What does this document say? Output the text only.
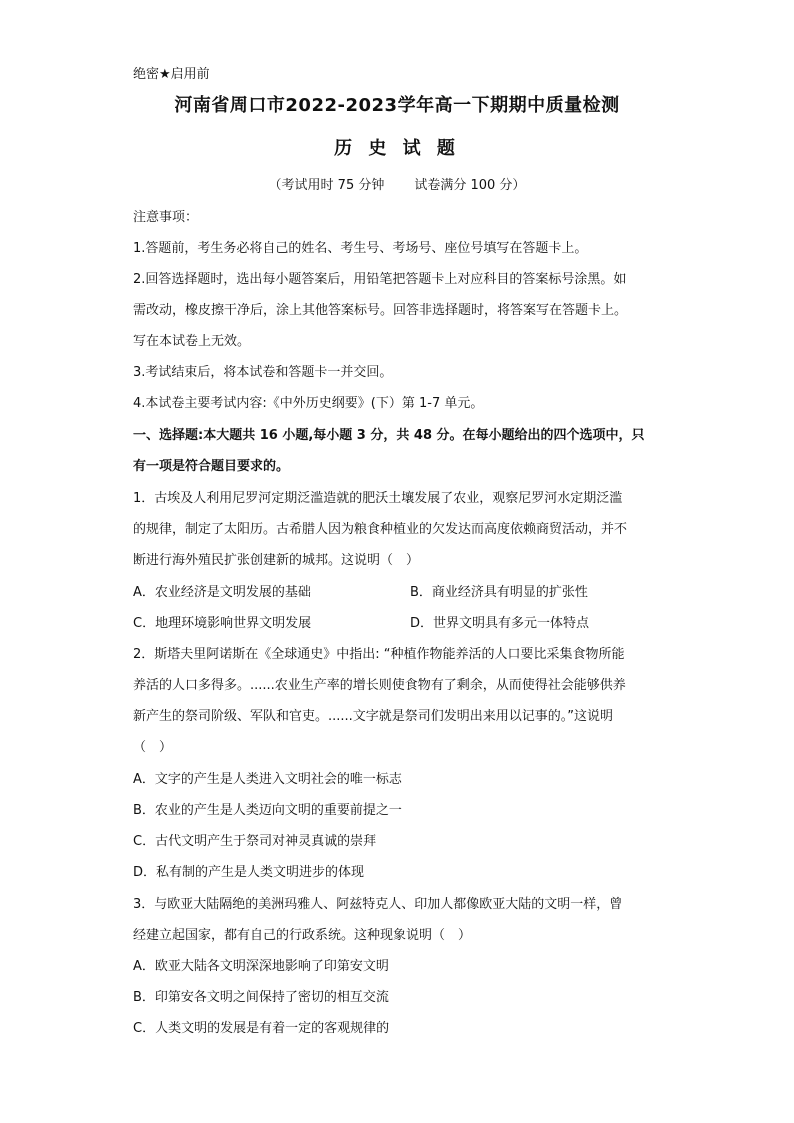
绝密★启用前
河南省周口市2022-2023学年高一下期期中质量检测
历 史 试 题
（考试用时 75 分钟 试卷满分 100 分）
注意事项：
1.答题前，考生务必将自己的姓名、考生号、考场号、座位号填写在答题卡上。
2.回答选择题时，选出每小题答案后，用铅笔把答题卡上对应科目的答案标号涂黑。如
需改动，橡皮擦干净后，涂上其他答案标号。回答非选择题时，将答案写在答题卡上。
写在本试卷上无效。
3.考试结束后，将本试卷和答题卡一并交回。
4.本试卷主要考试内容:《中外历史纲要》(下）第 1-7 单元。
一、选择题:本大题共 16 小题,每小题 3 分，共 48 分。在每小题给出的四个选项中，只
有一项是符合题目要求的。
1．古埃及人利用尼罗河定期泛滥造就的肥沃土壤发展了农业，观察尼罗河水定期泛滥
的规律，制定了太阳历。古希腊人因为粮食种植业的欠发达而高度依赖商贸活动，并不
断进行海外殖民扩张创建新的城邦。这说明（　）
A．农业经济是文明发展的基础	B．商业经济具有明显的扩张性
C．地理环境影响世界文明发展	D．世界文明具有多元一体特点
2．斯塔夫里阿诺斯在《全球通史》中指出: “种植作物能养活的人口要比采集食物所能
养活的人口多得多。......农业生产率的增长则使食物有了剩余，从而使得社会能够供养
新产生的祭司阶级、军队和官吏。......文字就是祭司们发明出来用以记事的。”这说明
（　）
A．文字的产生是人类进入文明社会的唯一标志
B．农业的产生是人类迈向文明的重要前提之一
C．古代文明产生于祭司对神灵真诚的崇拜
D．私有制的产生是人类文明进步的体现
3．与欧亚大陆隔绝的美洲玛雅人、阿兹特克人、印加人都像欧亚大陆的文明一样，曾
经建立起国家，都有自己的行政系统。这种现象说明（　）
A．欧亚大陆各文明深深地影响了印第安文明
B．印第安各文明之间保持了密切的相互交流
C．人类文明的发展是有着一定的客观规律的
